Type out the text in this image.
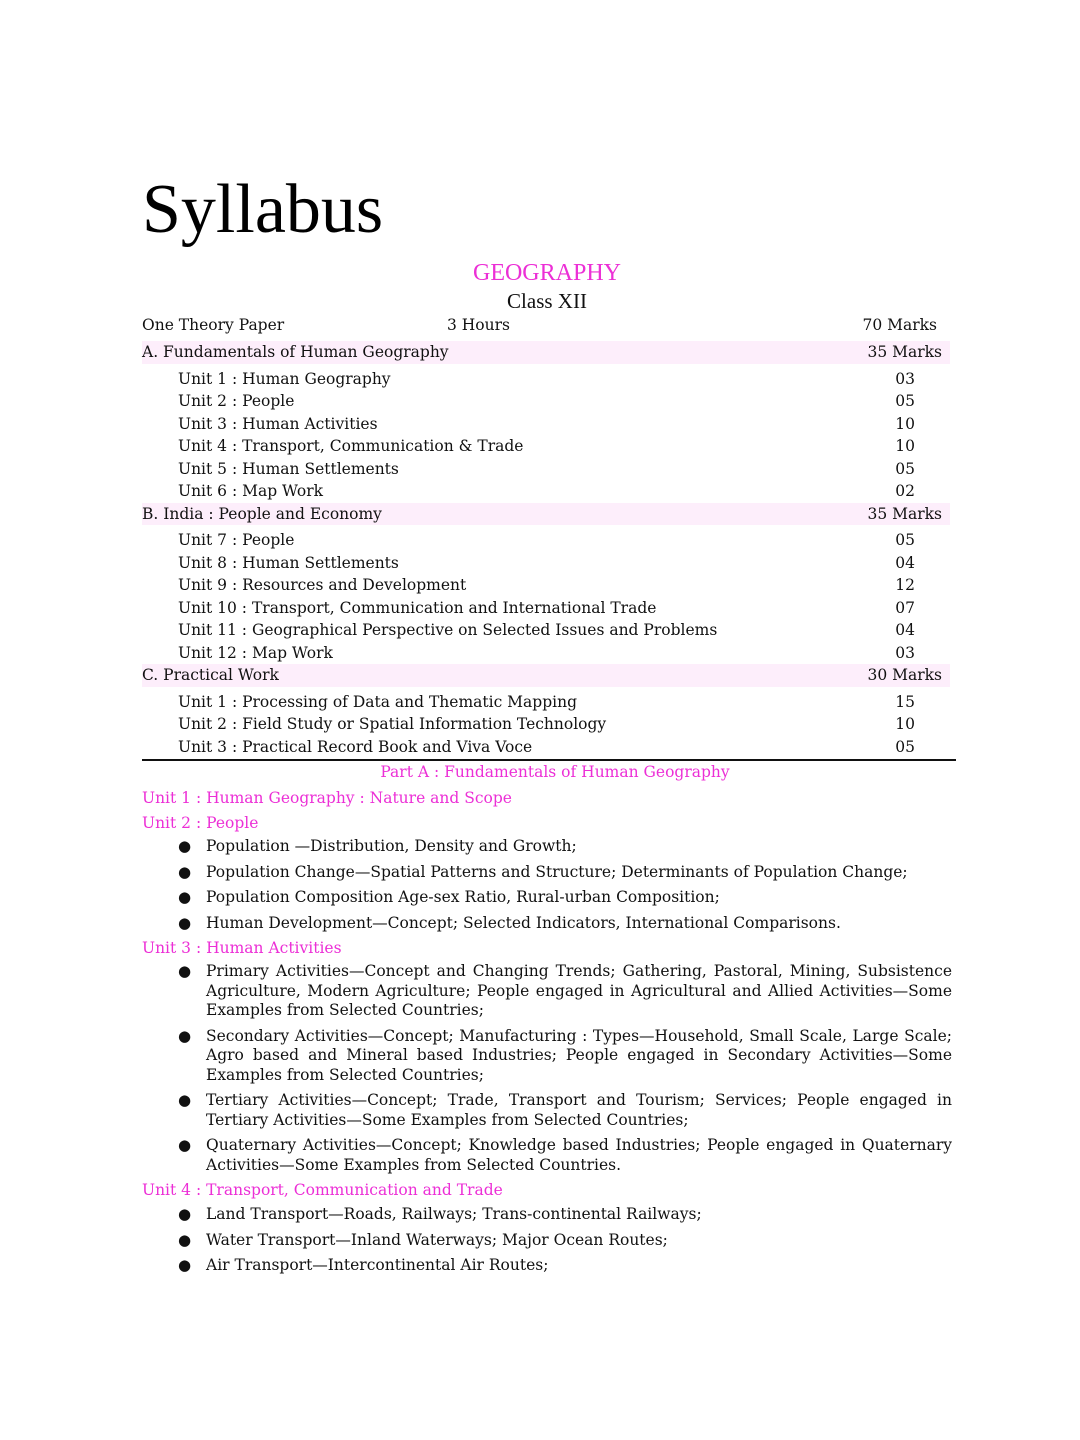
Syllabus
GEOGRAPHY
Class XII
One Theory Paper	3 Hours	70 Marks
A. Fundamentals of Human Geography	35 Marks
Unit 1 : Human Geography	03
Unit 2 : People	05
Unit 3 : Human Activities	10
Unit 4 : Transport, Communication & Trade	10
Unit 5 : Human Settlements	05
Unit 6 : Map Work	02
B. India : People and Economy	35 Marks
Unit 7 : People	05
Unit 8 : Human Settlements	04
Unit 9 : Resources and Development	12
Unit 10 : Transport, Communication and International Trade	07
Unit 11 : Geographical Perspective on Selected Issues and Problems	04
Unit 12 : Map Work	03
C. Practical Work	30 Marks
Unit 1 : Processing of Data and Thematic Mapping	15
Unit 2 : Field Study or Spatial Information Technology	10
Unit 3 : Practical Record Book and Viva Voce	05
Part A : Fundamentals of Human Geography
Unit 1 : Human Geography : Nature and Scope
Unit 2 : People
● Population —Distribution, Density and Growth;
● Population Change—Spatial Patterns and Structure; Determinants of Population Change;
● Population Composition Age-sex Ratio, Rural-urban Composition;
● Human Development—Concept; Selected Indicators, International Comparisons.
Unit 3 : Human Activities
● Primary Activities—Concept and Changing Trends; Gathering, Pastoral, Mining, Subsistence Agriculture, Modern Agriculture; People engaged in Agricultural and Allied Activities—Some Examples from Selected Countries;
● Secondary Activities—Concept; Manufacturing : Types—Household, Small Scale, Large Scale; Agro based and Mineral based Industries; People engaged in Secondary Activities—Some Examples from Selected Countries;
● Tertiary Activities—Concept; Trade, Transport and Tourism; Services; People engaged in Tertiary Activities—Some Examples from Selected Countries;
● Quaternary Activities—Concept; Knowledge based Industries; People engaged in Quaternary Activities—Some Examples from Selected Countries.
Unit 4 : Transport, Communication and Trade
● Land Transport—Roads, Railways; Trans-continental Railways;
● Water Transport—Inland Waterways; Major Ocean Routes;
● Air Transport—Intercontinental Air Routes;
